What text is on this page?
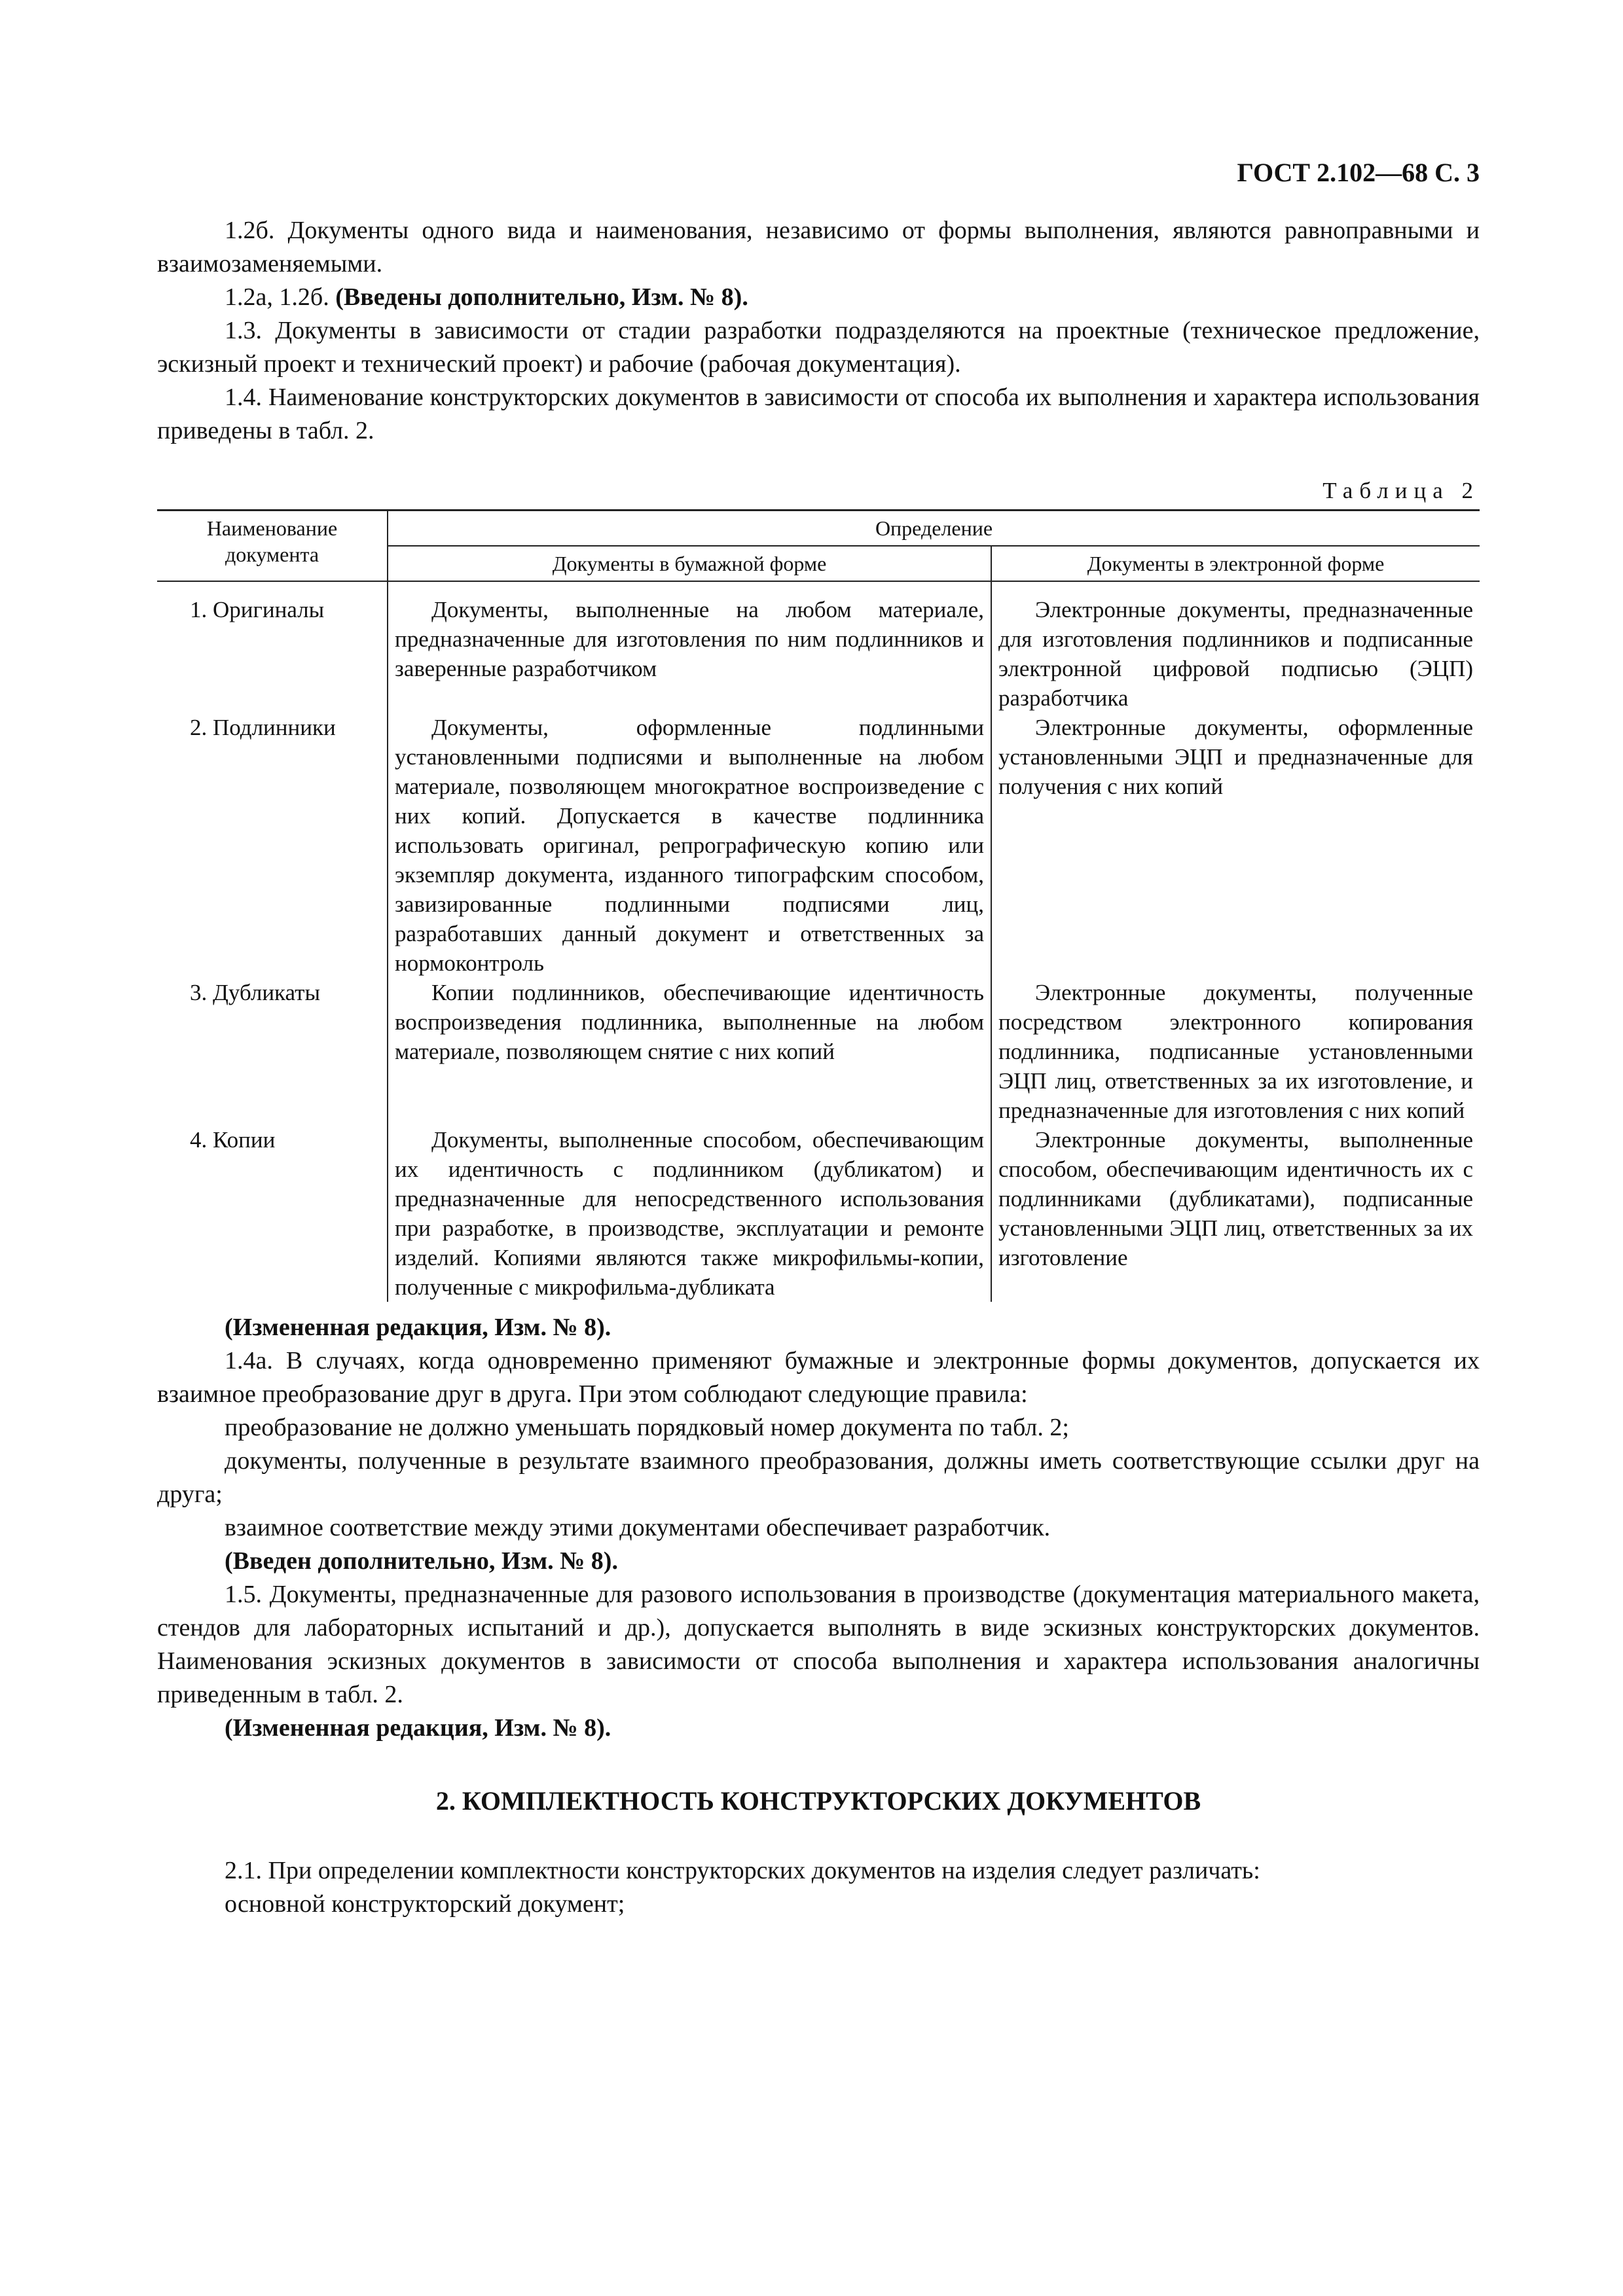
ГОСТ 2.102—68 С. 3

1.2б. Документы одного вида и наименования, независимо от формы выполнения, являются равноправными и взаимозаменяемыми.

1.2а, 1.2б. (Введены дополнительно, Изм. № 8).

1.3. Документы в зависимости от стадии разработки подразделяются на проектные (техническое предложение, эскизный проект и технический проект) и рабочие (рабочая документация).

1.4. Наименование конструкторских документов в зависимости от способа их выполнения и характера использования приведены в табл. 2.

Таблица 2
Наименование документа	Определение	
	Документы в бумажной форме	Документы в электронной форме
1. Оригиналы	Документы, выполненные на любом материале, предназначенные для изготовления по ним подлинников и заверенные разработчиком	Электронные документы, предназначенные для изготовления подлинников и подписанные электронной цифровой подписью (ЭЦП) разработчика

2. Подлинники	Документы, оформленные подлинными установленными подписями и выполненные на любом материале, позволяющем многократное воспроизведение с них копий. Допускается в качестве подлинника использовать оригинал, репрографическую копию или экземпляр документа, изданного типографским способом, завизированные подлинными подписями лиц, разработавших данный документ и ответственных за нормоконтроль	Электронные документы, оформленные установленными ЭЦП и предназначенные для получения с них копий

3. Дубликаты	Копии подлинников, обеспечивающие идентичность воспроизведения подлинника, выполненные на любом материале, позволяющем снятие с них копий	Электронные документы, полученные посредством электронного копирования подлинника, подписанные установленными ЭЦП лиц, ответственных за их изготовление, и предназначенные для изготовления с них копий

4. Копии	Документы, выполненные способом, обеспечивающим их идентичность с подлинником (дубликатом) и предназначенные для непосредственного использования при разработке, в производстве, эксплуатации и ремонте изделий. Копиями являются также микрофильмы-копии, полученные с микрофильма-дубликата	Электронные документы, выполненные способом, обеспечивающим идентичность их с подлинниками (дубликатами), подписанные установленными ЭЦП лиц, ответственных за их изготовление

(Измененная редакция, Изм. № 8).

1.4а. В случаях, когда одновременно применяют бумажные и электронные формы документов, допускается их взаимное преобразование друг в друга. При этом соблюдают следующие правила:

преобразование не должно уменьшать порядковый номер документа по табл. 2;

документы, полученные в результате взаимного преобразования, должны иметь соответствующие ссылки друг на друга;

взаимное соответствие между этими документами обеспечивает разработчик.

(Введен дополнительно, Изм. № 8).

1.5. Документы, предназначенные для разового использования в производстве (документация материального макета, стендов для лабораторных испытаний и др.), допускается выполнять в виде эскизных конструкторских документов. Наименования эскизных документов в зависимости от способа выполнения и характера использования аналогичны приведенным в табл. 2.

(Измененная редакция, Изм. № 8).

2. КОМПЛЕКТНОСТЬ КОНСТРУКТОРСКИХ ДОКУМЕНТОВ

2.1. При определении комплектности конструкторских документов на изделия следует различать:

основной конструкторский документ;
